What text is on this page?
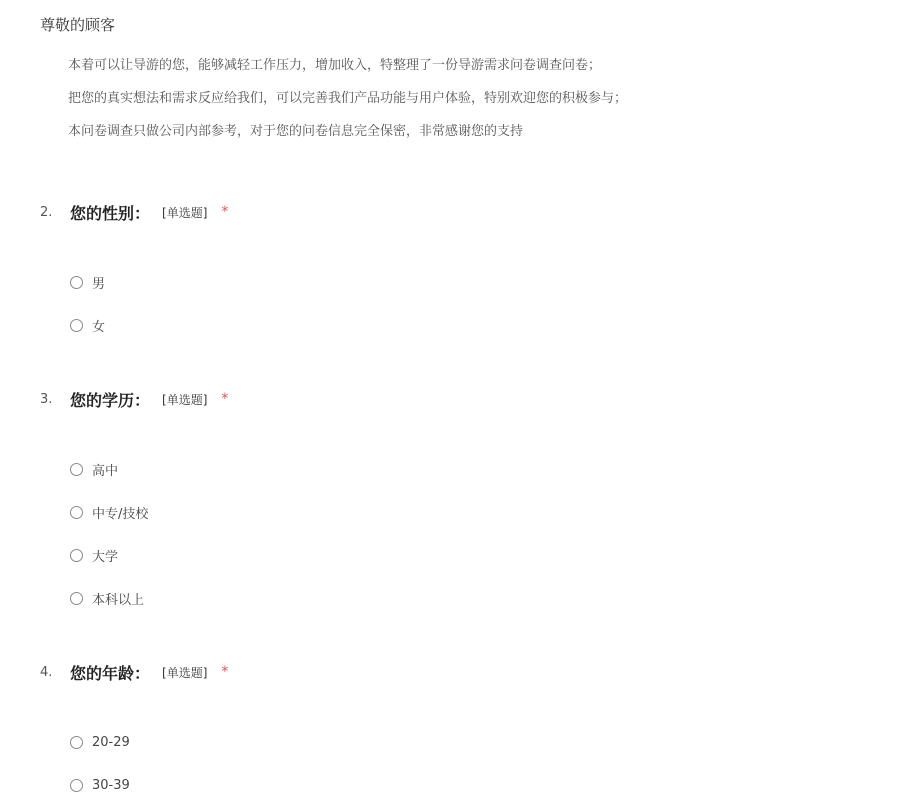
尊敬的顾客
本着可以让导游的您，能够减轻工作压力，增加收入，特整理了一份导游需求问卷调查问卷；
把您的真实想法和需求反应给我们，可以完善我们产品功能与用户体验，特别欢迎您的积极参与；
本问卷调查只做公司内部参考，对于您的问卷信息完全保密，非常感谢您的支持
2.	您的性别： [单选题] *
男
女
3.	您的学历： [单选题] *
高中
中专/技校
大学
本科以上
4.	您的年龄： [单选题] *
20-29
30-39
